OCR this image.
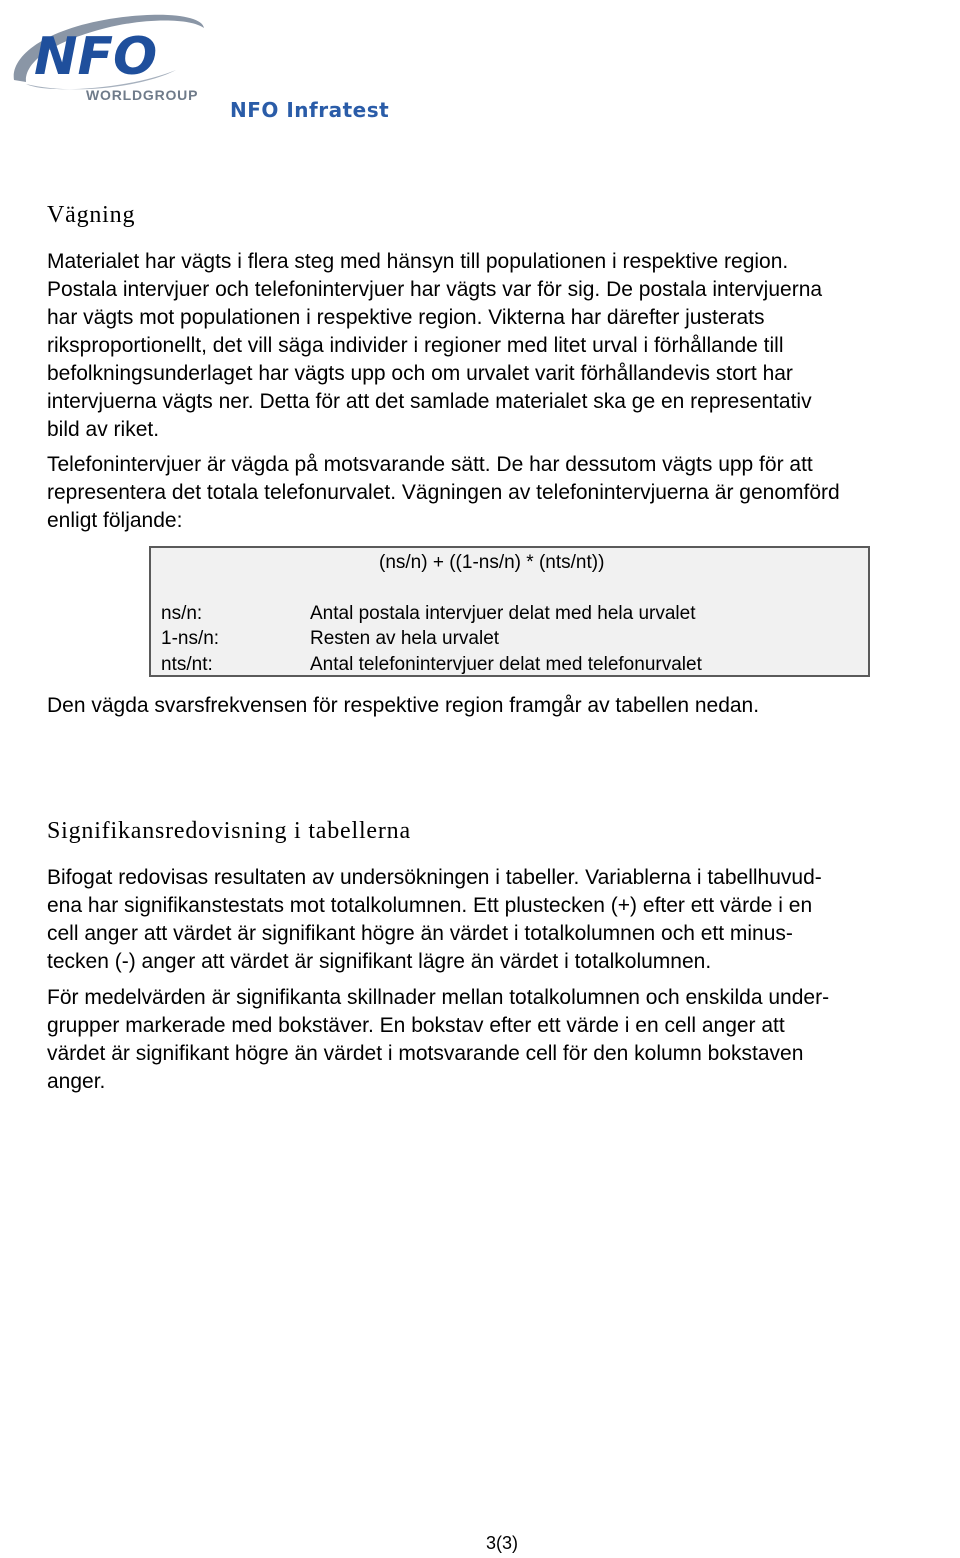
NFO
WORLDGROUP
NFO Infratest
Vägning
Materialet har vägts i flera steg med hänsyn till populationen i respektive region.
Postala intervjuer och telefonintervjuer har vägts var för sig. De postala intervjuerna
har vägts mot populationen i respektive region. Vikterna har därefter justerats
riksproportionellt, det vill säga individer i regioner med litet urval i förhållande till
befolkningsunderlaget har vägts upp och om urvalet varit förhållandevis stort har
intervjuerna vägts ner. Detta för att det samlade materialet ska ge en representativ
bild av riket.
Telefonintervjuer är vägda på motsvarande sätt. De har dessutom vägts upp för att
representera det totala telefonurvalet. Vägningen av telefonintervjuerna är genomförd
enligt följande:
(ns/n) + ((1-ns/n) * (nts/nt))
ns/n:	Antal postala intervjuer delat med hela urvalet
1-ns/n:	Resten av hela urvalet
nts/nt:	Antal telefonintervjuer delat med telefonurvalet
Den vägda svarsfrekvensen för respektive region framgår av tabellen nedan.
Signifikansredovisning i tabellerna
Bifogat redovisas resultaten av undersökningen i tabeller. Variablerna i tabellhuvud-
ena har signifikanstestats mot totalkolumnen. Ett plustecken (+) efter ett värde i en
cell anger att värdet är signifikant högre än värdet i totalkolumnen och ett minus-
tecken (-) anger att värdet är signifikant lägre än värdet i totalkolumnen.
För medelvärden är signifikanta skillnader mellan totalkolumnen och enskilda under-
grupper markerade med bokstäver. En bokstav efter ett värde i en cell anger att
värdet är signifikant högre än värdet i motsvarande cell för den kolumn bokstaven
anger.
3(3)
